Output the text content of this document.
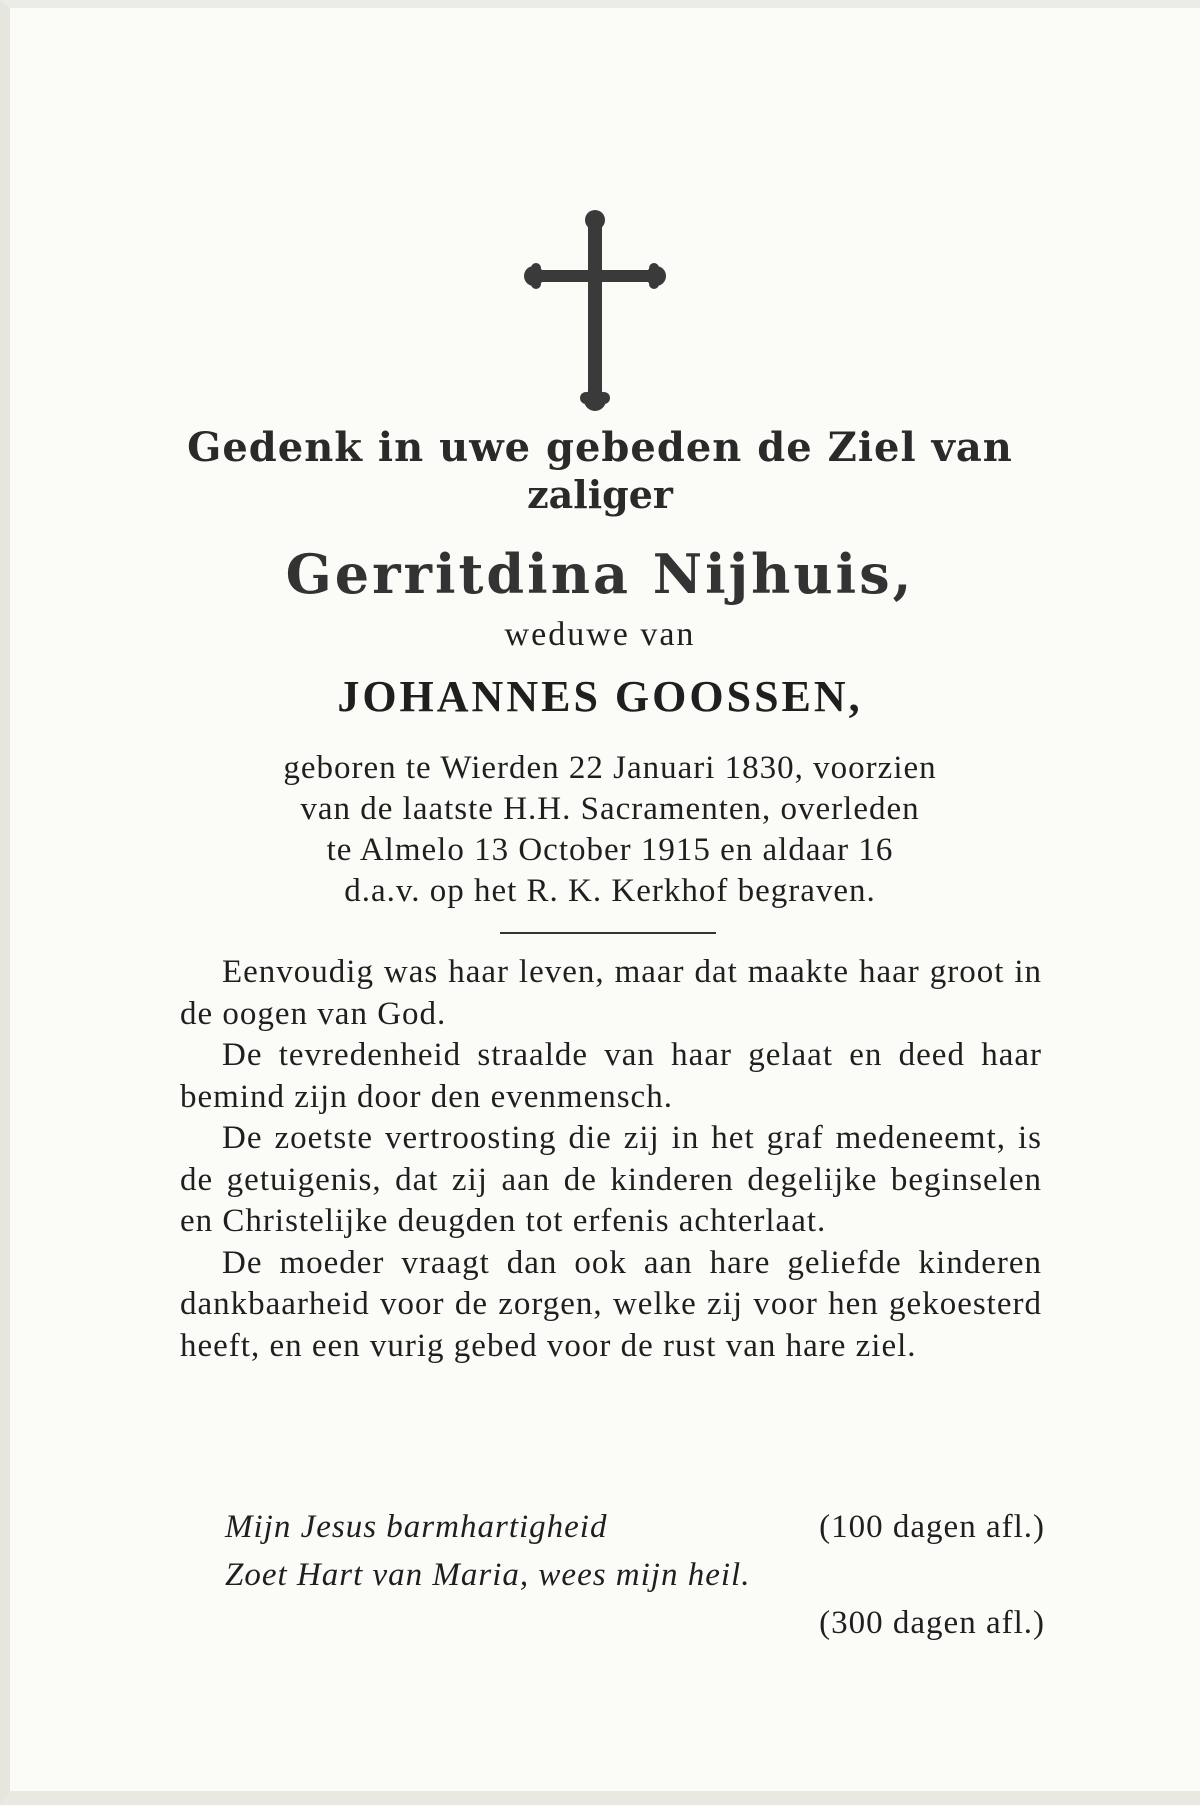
Gedenk in uwe gebeden de Ziel van
zaliger
Gerritdina Nijhuis,
weduwe van
JOHANNES GOOSSEN,
geboren te Wierden 22 Januari 1830, voorzien
van de laatste H.H. Sacramenten, overleden
te Almelo 13 October 1915 en aldaar 16
d.a.v. op het R. K. Kerkhof begraven.

Eenvoudig was haar leven, maar dat maakte haar groot in de oogen van God.

De tevredenheid straalde van haar gelaat en deed haar bemind zijn door den evenmensch.

De zoetste vertroosting die zij in het graf medeneemt, is de getuigenis, dat zij aan de kinderen degelijke beginselen en Christelijke deugden tot erfenis achterlaat.

De moeder vraagt dan ook aan hare geliefde kinderen dankbaarheid voor de zorgen, welke zij voor hen gekoesterd heeft, en een vurig gebed voor de rust van hare ziel.

Mijn Jesus barmhartigheid	(100 dagen afl.)
Zoet Hart van Maria, wees mijn heil.
(300 dagen afl.)
